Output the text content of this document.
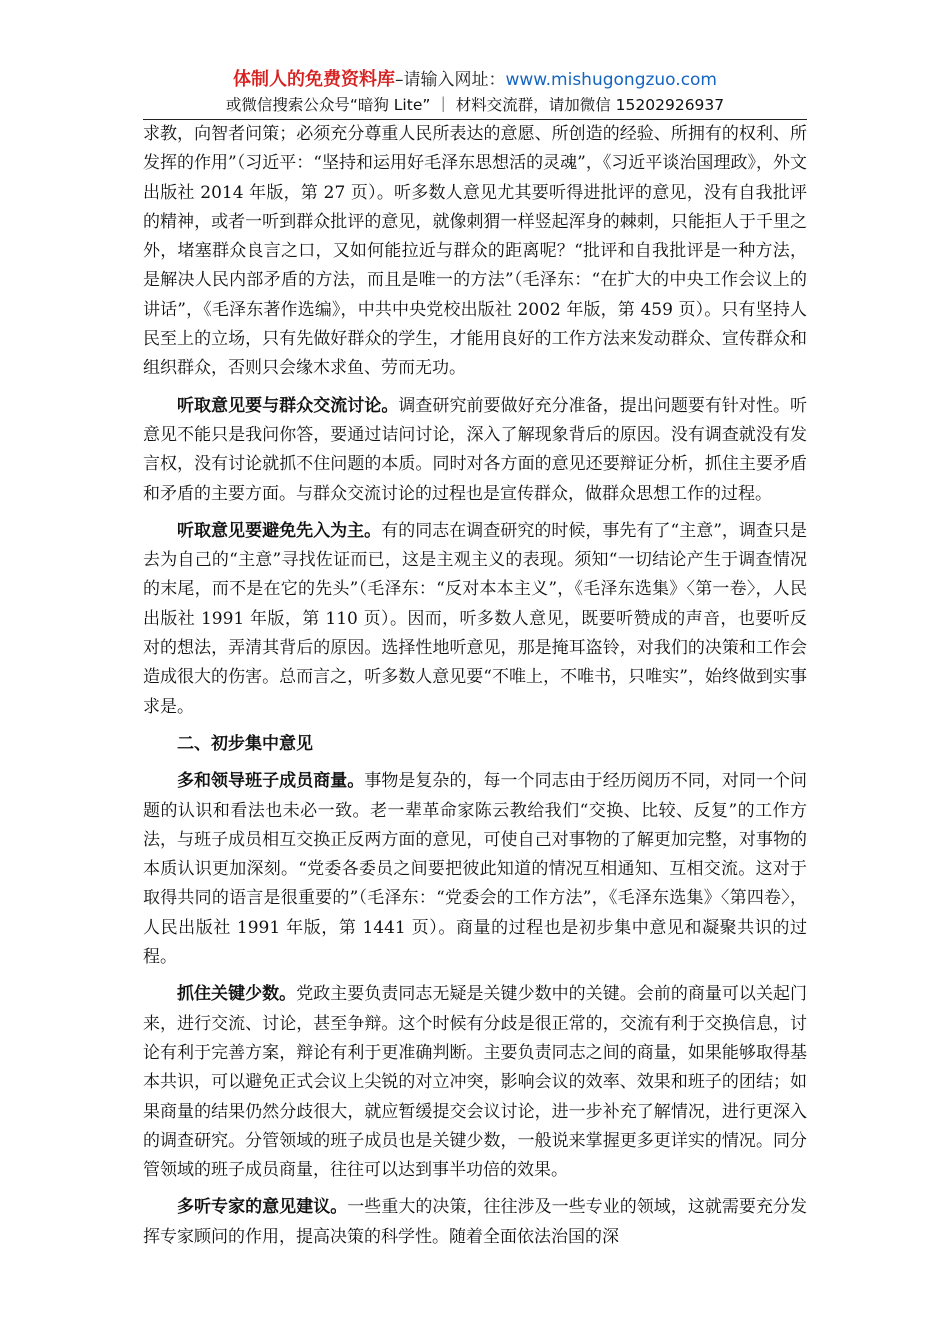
体制人的免费资料库–请输入网址：www.mishugongzuo.com
或微信搜索公众号“暗狗 Lite” ｜ 材料交流群，请加微信 15202926937

求教，向智者问策；必须充分尊重人民所表达的意愿、所创造的经验、所拥有的权利、所发挥的作用”（习近平：“坚持和运用好毛泽东思想活的灵魂”，《习近平谈治国理政》，外文出版社 2014 年版，第 27 页）。听多数人意见尤其要听得进批评的意见，没有自我批评的精神，或者一听到群众批评的意见，就像刺猬一样竖起浑身的棘刺，只能拒人于千里之外，堵塞群众良言之口，又如何能拉近与群众的距离呢？“批评和自我批评是一种方法，是解决人民内部矛盾的方法，而且是唯一的方法”（毛泽东：“在扩大的中央工作会议上的讲话”，《毛泽东著作选编》，中共中央党校出版社 2002 年版，第 459 页）。只有坚持人民至上的立场，只有先做好群众的学生，才能用良好的工作方法来发动群众、宣传群众和组织群众，否则只会缘木求鱼、劳而无功。

听取意见要与群众交流讨论。调查研究前要做好充分准备，提出问题要有针对性。听意见不能只是我问你答，要通过诘问讨论，深入了解现象背后的原因。没有调查就没有发言权，没有讨论就抓不住问题的本质。同时对各方面的意见还要辩证分析，抓住主要矛盾和矛盾的主要方面。与群众交流讨论的过程也是宣传群众，做群众思想工作的过程。

听取意见要避免先入为主。有的同志在调查研究的时候，事先有了“主意”，调查只是去为自己的“主意”寻找佐证而已，这是主观主义的表现。须知“一切结论产生于调查情况的末尾，而不是在它的先头”（毛泽东：“反对本本主义”，《毛泽东选集》〈第一卷〉，人民出版社 1991 年版，第 110 页）。因而，听多数人意见，既要听赞成的声音，也要听反对的想法，弄清其背后的原因。选择性地听意见，那是掩耳盗铃，对我们的决策和工作会造成很大的伤害。总而言之，听多数人意见要“不唯上，不唯书，只唯实”，始终做到实事求是。

二、初步集中意见

多和领导班子成员商量。事物是复杂的，每一个同志由于经历阅历不同，对同一个问题的认识和看法也未必一致。老一辈革命家陈云教给我们“交换、比较、反复”的工作方法，与班子成员相互交换正反两方面的意见，可使自己对事物的了解更加完整，对事物的本质认识更加深刻。“党委各委员之间要把彼此知道的情况互相通知、互相交流。这对于取得共同的语言是很重要的”（毛泽东：“党委会的工作方法”，《毛泽东选集》〈第四卷〉，人民出版社 1991 年版，第 1441 页）。商量的过程也是初步集中意见和凝聚共识的过程。

抓住关键少数。党政主要负责同志无疑是关键少数中的关键。会前的商量可以关起门来，进行交流、讨论，甚至争辩。这个时候有分歧是很正常的，交流有利于交换信息，讨论有利于完善方案，辩论有利于更准确判断。主要负责同志之间的商量，如果能够取得基本共识，可以避免正式会议上尖锐的对立冲突，影响会议的效率、效果和班子的团结；如果商量的结果仍然分歧很大，就应暂缓提交会议讨论，进一步补充了解情况，进行更深入的调查研究。分管领域的班子成员也是关键少数，一般说来掌握更多更详实的情况。同分管领域的班子成员商量，往往可以达到事半功倍的效果。

多听专家的意见建议。一些重大的决策，往往涉及一些专业的领域，这就需要充分发挥专家顾问的作用，提高决策的科学性。随着全面依法治国的深
